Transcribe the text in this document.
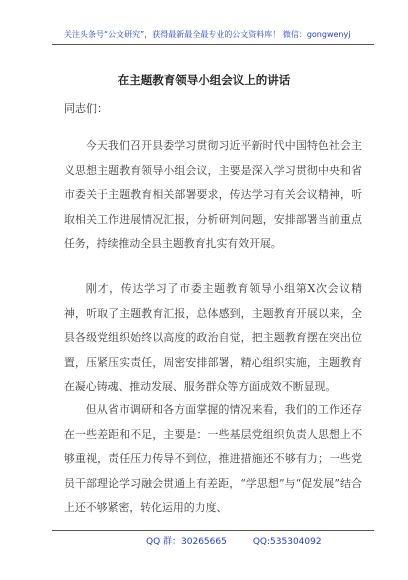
关注头条号“公文研究”，获得最新最全最专业的公文资料库！ 微信：gongwenyj
在主题教育领导小组会议上的讲话
同志们：

今天我们召开县委学习贯彻习近平新时代中国特色社会主义思想主题教育领导小组会议，主要是深入学习贯彻中央和省市委关于主题教育相关部署要求，传达学习有关会议精神，听取相关工作进展情况汇报，分析研判问题，安排部署当前重点任务，持续推动全县主题教育扎实有效开展。

刚才，传达学习了市委主题教育领导小组第X次会议精神，听取了主题教育汇报，总体感到，主题教育开展以来，全县各级党组织始终以高度的政治自觉，把主题教育摆在突出位置，压紧压实责任，周密安排部署，精心组织实施，主题教育在凝心铸魂、推动发展、服务群众等方面成效不断显现。

但从省市调研和各方面掌握的情况来看，我们的工作还存在一些差距和不足，主要是：一些基层党组织负责人思想上不够重视，责任压力传导不到位，推进措施还不够有力；一些党员干部理论学习融会贯通上有差距，“学思想”与“促发展”结合上还不够紧密，转化运用的力度、

QQ 群：30265665	QQ:535304092
